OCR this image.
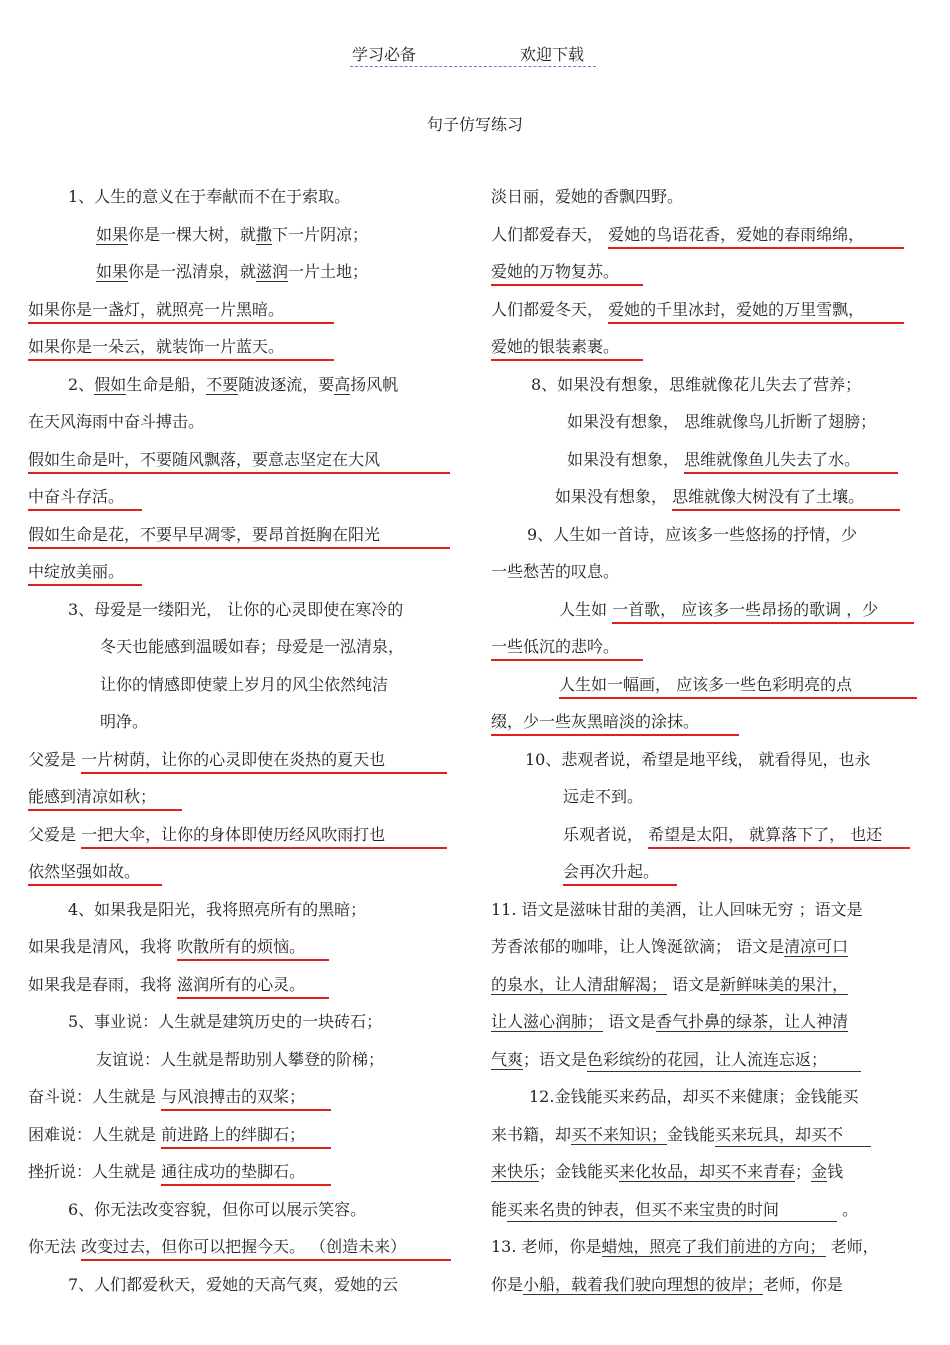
学习必备	欢迎下载
句子仿写练习
1、人生的意义在于奉献而不在于索取。
如果你是一棵大树，就撒下一片阴凉；
如果你是一泓清泉，就滋润一片土地；
如果你是一盏灯，就照亮一片黑暗。
如果你是一朵云，就装饰一片蓝天。
2、假如生命是船，不要随波逐流，要高扬风帆
在天风海雨中奋斗搏击。
假如生命是叶，不要随风飘落，要意志坚定在大风
中奋斗存活。
假如生命是花，不要早早凋零，要昂首挺胸在阳光
中绽放美丽。
3、母爱是一缕阳光， 让你的心灵即使在寒冷的
冬天也能感到温暖如春；母爱是一泓清泉，
让你的情感即使蒙上岁月的风尘依然纯洁
明净。
父爱是 一片树荫，让你的心灵即使在炎热的夏天也
能感到清凉如秋；
父爱是 一把大伞，让你的身体即使历经风吹雨打也
依然坚强如故。
4、如果我是阳光，我将照亮所有的黑暗；
如果我是清风，我将 吹散所有的烦恼。
如果我是春雨，我将 滋润所有的心灵。
5、事业说：人生就是建筑历史的一块砖石；
友谊说：人生就是帮助别人攀登的阶梯；
奋斗说：人生就是 与风浪搏击的双桨；
困难说：人生就是 前进路上的绊脚石；
挫折说：人生就是 通往成功的垫脚石。
6、你无法改变容貌，但你可以展示笑容。
你无法 改变过去，但你可以把握今天。 （创造未来）
7、人们都爱秋天，爱她的天高气爽，爱她的云
淡日丽，爱她的香飘四野。
人们都爱春天， 爱她的鸟语花香，爱她的春雨绵绵，
爱她的万物复苏。
人们都爱冬天， 爱她的千里冰封，爱她的万里雪飘，
爱她的银装素裹。
8、如果没有想象，思维就像花儿失去了营养；
如果没有想象， 思维就像鸟儿折断了翅膀；
如果没有想象， 思维就像鱼儿失去了水。
如果没有想象， 思维就像大树没有了土壤。
9、人生如一首诗，应该多一些悠扬的抒情，少
一些愁苦的叹息。
人生如 一首歌， 应该多一些昂扬的歌调 ，少
一些低沉的悲吟。
人生如一幅画， 应该多一些色彩明亮的点
缀，少一些灰黑暗淡的涂抹。
10、悲观者说，希望是地平线， 就看得见，也永
远走不到。
乐观者说， 希望是太阳， 就算落下了， 也还
会再次升起。
11. 语文是滋味甘甜的美酒，让人回味无穷 ；语文是
芳香浓郁的咖啡，让人馋涎欲滴； 语文是清凉可口
的泉水，让人清甜解渴； 语文是新鲜味美的果汁，
让人滋心润肺； 语文是香气扑鼻的绿茶，让人神清
气爽；语文是色彩缤纷的花园，让人流连忘返；
12.金钱能买来药品，却买不来健康；金钱能买
来书籍，却买不来知识；金钱能买来玩具，却买不
来快乐；金钱能买来化妆品，却买不来青春；金钱
能买来名贵的钟表，但买不来宝贵的时间	。
13. 老师，你是蜡烛，照亮了我们前进的方向； 老师，
你是小船，载着我们驶向理想的彼岸；老师，你是
